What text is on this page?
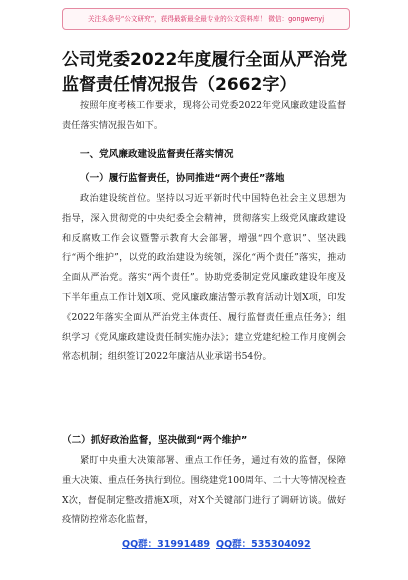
关注头条号“公文研究”，获得最新最全最专业的公文资料库！ 微信：gongwenyj
公司党委2022年度履行全面从严治党监督责任情况报告（2662字）
按照年度考核工作要求，现将公司党委2022年党风廉政建设监督责任落实情况报告如下。
一、党风廉政建设监督责任落实情况
（一）履行监督责任，协同推进“两个责任”落地
政治建设统首位。坚持以习近平新时代中国特色社会主义思想为指导，深入贯彻党的中央纪委全会精神，贯彻落实上级党风廉政建设和反腐败工作会议暨警示教育大会部署，增强“四个意识”、坚决践行“两个维护”，以党的政治建设为统领，深化“两个责任”落实，推动全面从严治党。落实“两个责任”。协助党委制定党风廉政建设年度及下半年重点工作计划X项、党风廉政廉洁警示教育活动计划X项，印发《2022年落实全面从严治党主体责任、履行监督责任重点任务》；组织学习《党风廉政建设责任制实施办法》；建立党建纪检工作月度例会常态机制；组织签订2022年廉洁从业承诺书54份。
（二）抓好政治监督，坚决做到“两个维护”
紧盯中央重大决策部署、重点工作任务，通过有效的监督，保障重大决策、重点任务执行到位。围绕建党100周年、二十大等情况检查X次，督促制定整改措施X项，对X个关键部门进行了调研访谈。做好疫情防控常态化监督，
QQ群：31991489 QQ群：535304092
